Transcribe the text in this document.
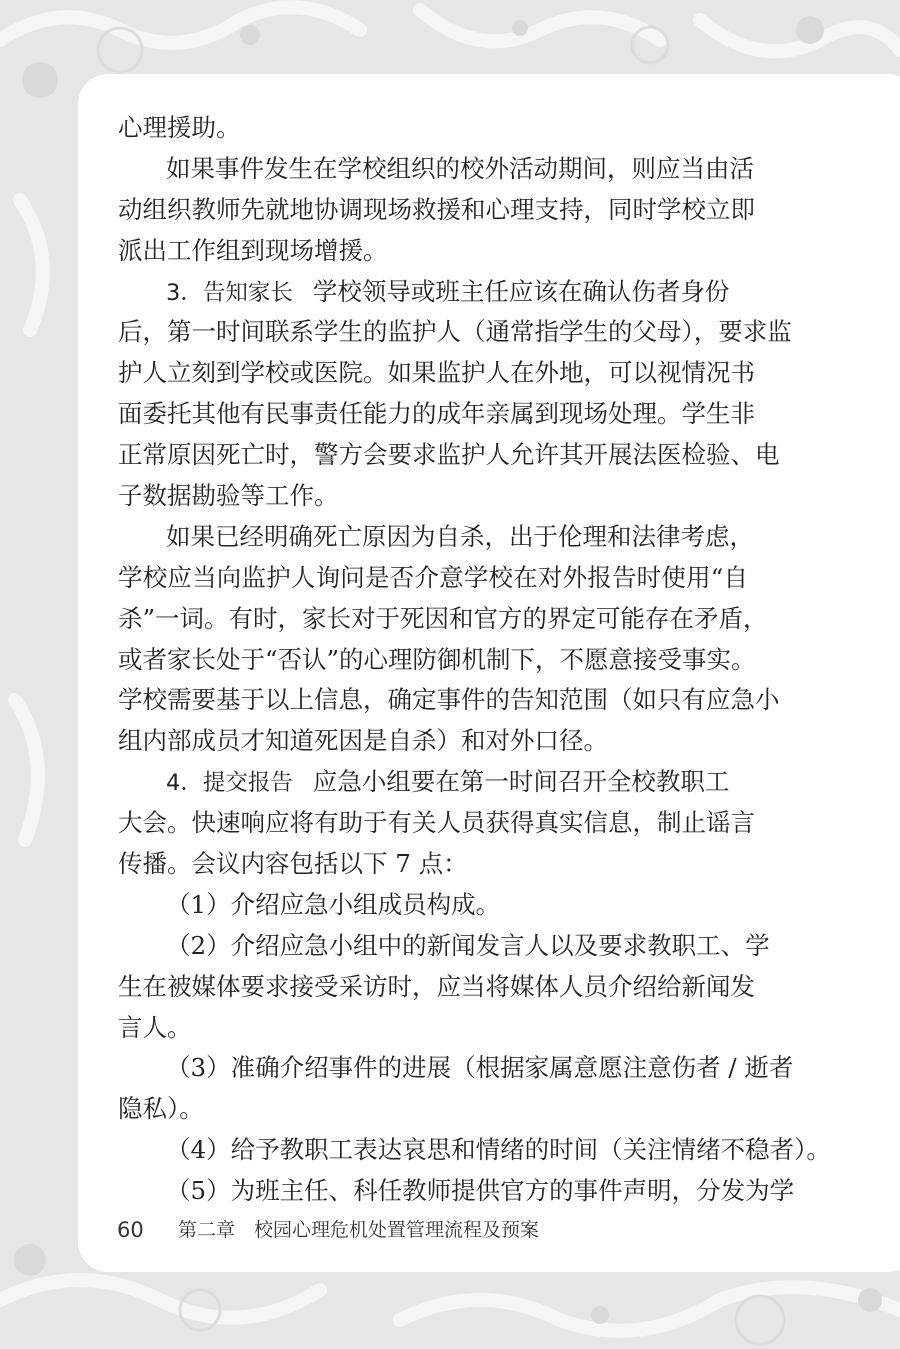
心理援助。
如果事件发生在学校组织的校外活动期间，则应当由活
动组织教师先就地协调现场救援和心理支持，同时学校立即
派出工作组到现场增援。
3．告知家长 学校领导或班主任应该在确认伤者身份
后，第一时间联系学生的监护人（通常指学生的父母），要求监
护人立刻到学校或医院。如果监护人在外地，可以视情况书
面委托其他有民事责任能力的成年亲属到现场处理。学生非
正常原因死亡时，警方会要求监护人允许其开展法医检验、电
子数据勘验等工作。
如果已经明确死亡原因为自杀，出于伦理和法律考虑，
学校应当向监护人询问是否介意学校在对外报告时使用“自
杀”一词。有时，家长对于死因和官方的界定可能存在矛盾，
或者家长处于“否认”的心理防御机制下，不愿意接受事实。
学校需要基于以上信息，确定事件的告知范围（如只有应急小
组内部成员才知道死因是自杀）和对外口径。
4．提交报告 应急小组要在第一时间召开全校教职工
大会。快速响应将有助于有关人员获得真实信息，制止谣言
传播。会议内容包括以下 7 点：
（1）介绍应急小组成员构成。
（2）介绍应急小组中的新闻发言人以及要求教职工、学
生在被媒体要求接受采访时，应当将媒体人员介绍给新闻发
言人。
（3）准确介绍事件的进展（根据家属意愿注意伤者 / 逝者
隐私）。
（4）给予教职工表达哀思和情绪的时间（关注情绪不稳者）。
（5）为班主任、科任教师提供官方的事件声明，分发为学
60 第二章　校园心理危机处置管理流程及预案
